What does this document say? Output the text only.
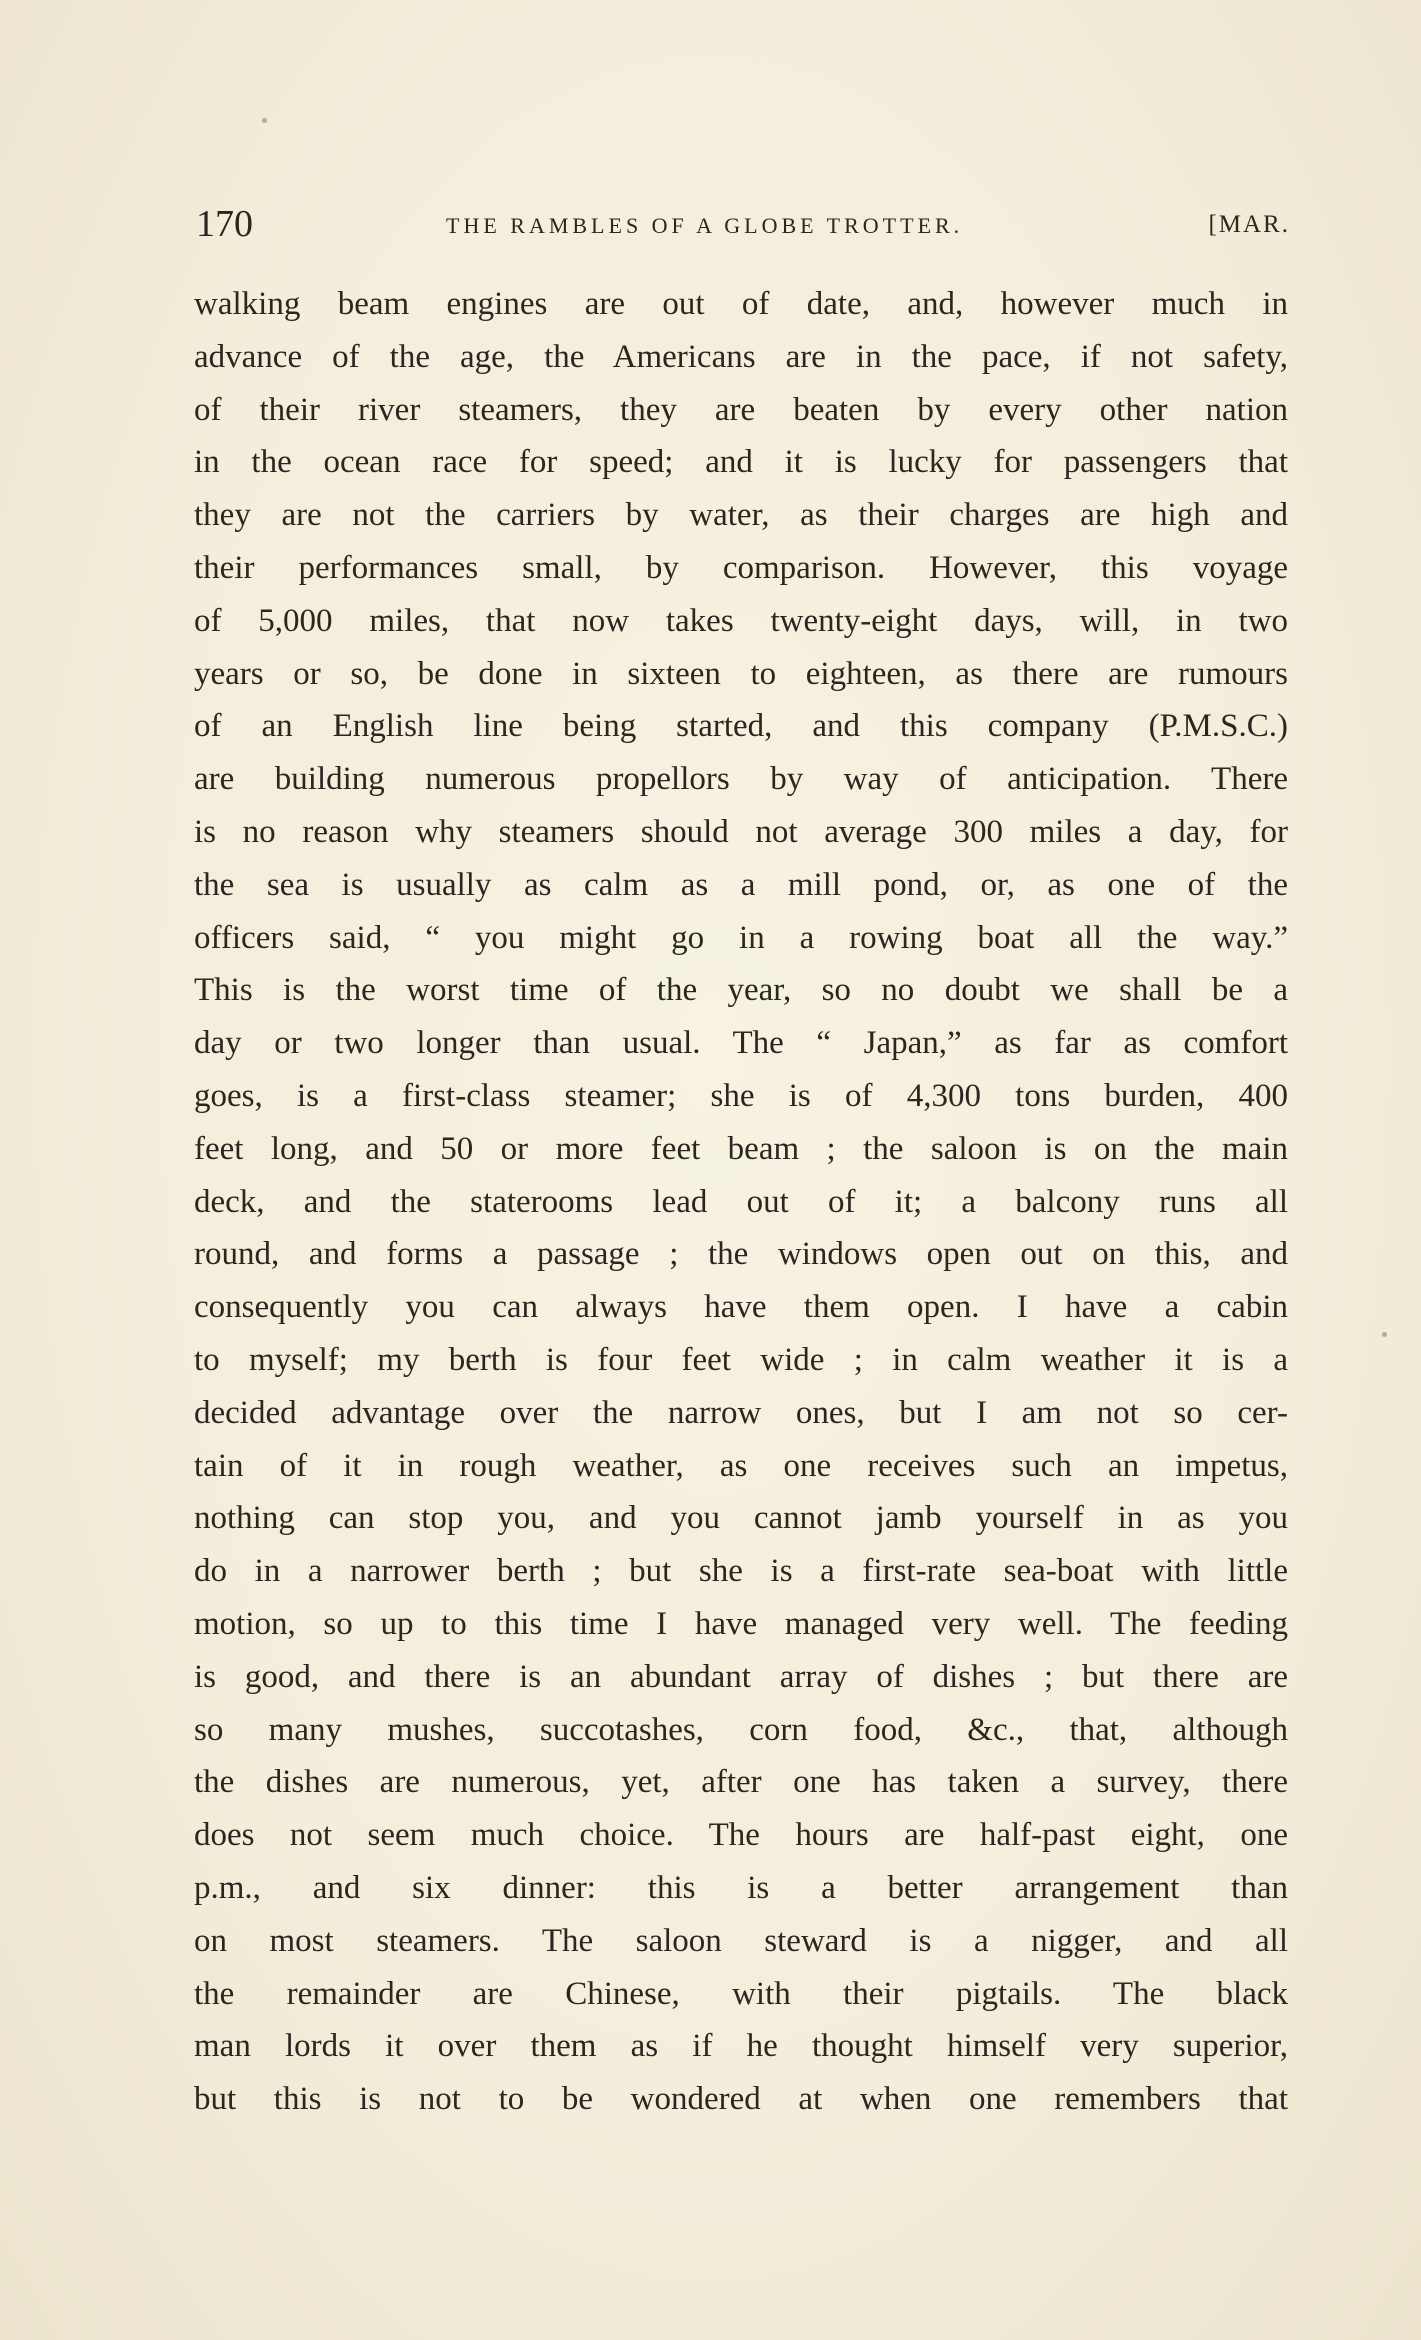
170	THE RAMBLES OF A GLOBE TROTTER.	[MAR.
walking beam engines are out of date, and, however much in
advance of the age, the Americans are in the pace, if not safety,
of their river steamers, they are beaten by every other nation
in the ocean race for speed; and it is lucky for passengers that
they are not the carriers by water, as their charges are high and
their performances small, by comparison. However, this voyage
of 5,000 miles, that now takes twenty-eight days, will, in two
years or so, be done in sixteen to eighteen, as there are rumours
of an English line being started, and this company (P.M.S.C.)
are building numerous propellors by way of anticipation. There
is no reason why steamers should not average 300 miles a day, for
the sea is usually as calm as a mill pond, or, as one of the
officers said, “ you might go in a rowing boat all the way.”
This is the worst time of the year, so no doubt we shall be a
day or two longer than usual. The “ Japan,” as far as comfort
goes, is a first-class steamer; she is of 4,300 tons burden, 400
feet long, and 50 or more feet beam ; the saloon is on the main
deck, and the staterooms lead out of it; a balcony runs all
round, and forms a passage ; the windows open out on this, and
consequently you can always have them open. I have a cabin
to myself; my berth is four feet wide ; in calm weather it is a
decided advantage over the narrow ones, but I am not so cer-
tain of it in rough weather, as one receives such an impetus,
nothing can stop you, and you cannot jamb yourself in as you
do in a narrower berth ; but she is a first-rate sea-boat with little
motion, so up to this time I have managed very well. The feeding
is good, and there is an abundant array of dishes ; but there are
so many mushes, succotashes, corn food, &c., that, although
the dishes are numerous, yet, after one has taken a survey, there
does not seem much choice. The hours are half-past eight, one
p.m., and six dinner: this is a better arrangement than
on most steamers. The saloon steward is a nigger, and all
the remainder are Chinese, with their pigtails. The black
man lords it over them as if he thought himself very superior,
but this is not to be wondered at when one remembers that
